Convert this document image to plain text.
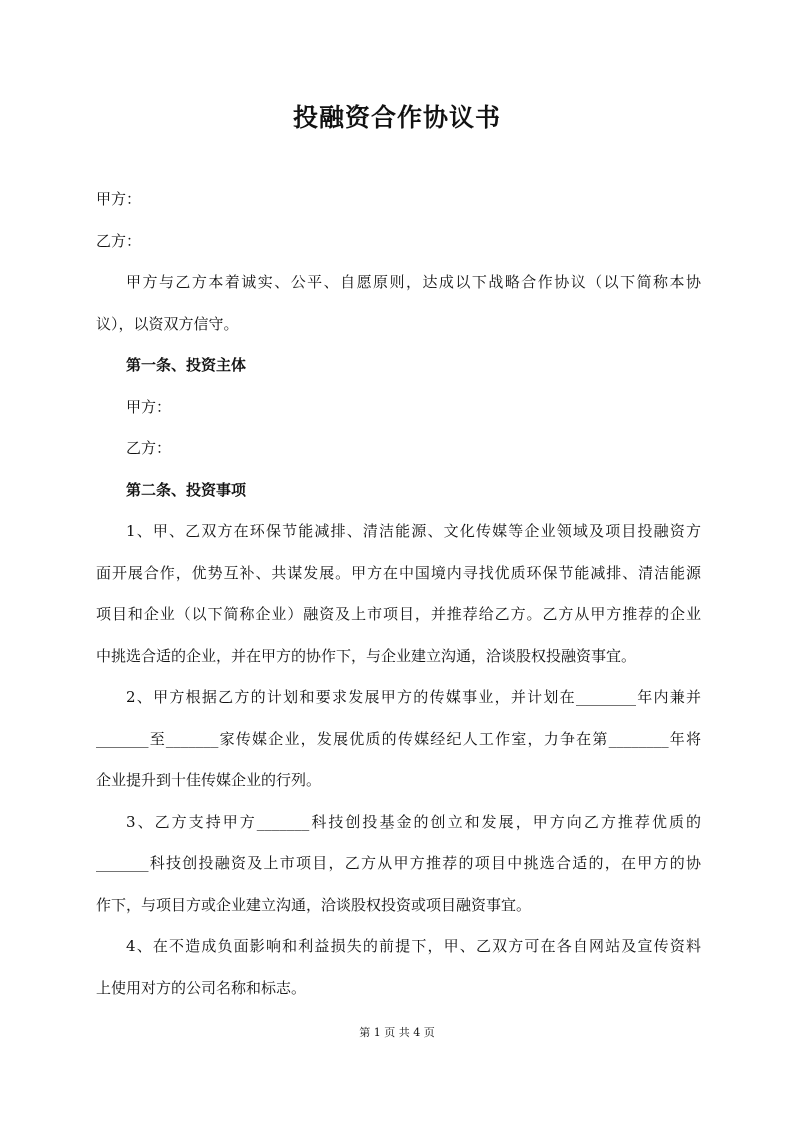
投融资合作协议书
甲方：
乙方：
甲方与乙方本着诚实、公平、自愿原则，达成以下战略合作协议（以下简称本协
议），以资双方信守。
第一条、投资主体
甲方：
乙方：
第二条、投资事项
1、甲、乙双方在环保节能减排、清洁能源、文化传媒等企业领域及项目投融资方
面开展合作，优势互补、共谋发展。甲方在中国境内寻找优质环保节能减排、清洁能源
项目和企业（以下简称企业）融资及上市项目，并推荐给乙方。乙方从甲方推荐的企业
中挑选合适的企业，并在甲方的协作下，与企业建立沟通，洽谈股权投融资事宜。
2、甲方根据乙方的计划和要求发展甲方的传媒事业，并计划在________年内兼并
_______至_______家传媒企业，发展优质的传媒经纪人工作室，力争在第________年将
企业提升到十佳传媒企业的行列。
3、乙方支持甲方_______科技创投基金的创立和发展，甲方向乙方推荐优质的
_______科技创投融资及上市项目，乙方从甲方推荐的项目中挑选合适的，在甲方的协
作下，与项目方或企业建立沟通，洽谈股权投资或项目融资事宜。
4、在不造成负面影响和利益损失的前提下，甲、乙双方可在各自网站及宣传资料
上使用对方的公司名称和标志。
第 1 页 共 4 页
